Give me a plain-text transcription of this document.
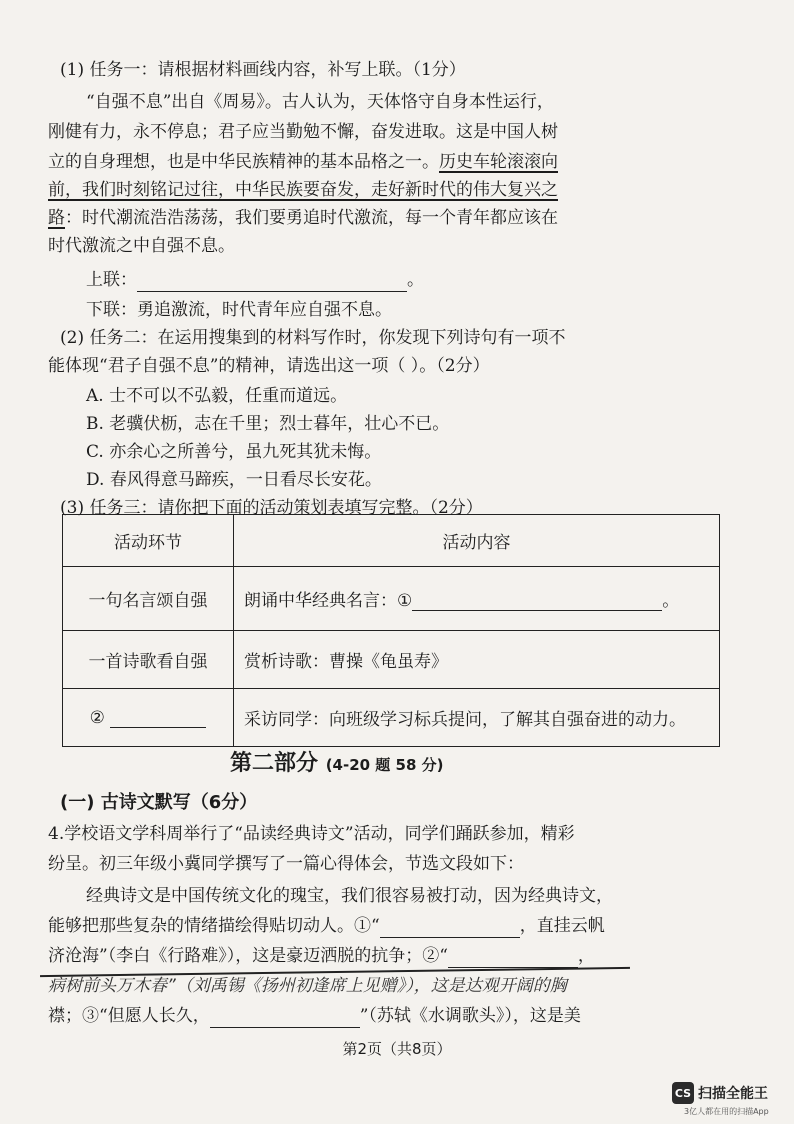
(1) 任务一：请根据材料画线内容，补写上联。（1分）
“自强不息”出自《周易》。古人认为，天体恪守自身本性运行，
刚健有力，永不停息；君子应当勤勉不懈，奋发进取。这是中国人树
立的自身理想，也是中华民族精神的基本品格之一。历史车轮滚滚向
前，我们时刻铭记过往，中华民族要奋发，走好新时代的伟大复兴之
路：时代潮流浩浩荡荡，我们要勇追时代激流，每一个青年都应该在
时代激流之中自强不息。
上联：	。
下联：勇追激流，时代青年应自强不息。
(2) 任务二：在运用搜集到的材料写作时，你发现下列诗句有一项不
能体现“君子自强不息”的精神，请选出这一项（ ）。（2分）
A. 士不可以不弘毅，任重而道远。
B. 老骥伏枥，志在千里；烈士暮年，壮心不已。
C. 亦余心之所善兮，虽九死其犹未悔。
D. 春风得意马蹄疾，一日看尽长安花。
(3) 任务三：请你把下面的活动策划表填写完整。（2分）
活动环节	活动内容
一句名言颂自强	朗诵中华经典名言：① 。
一首诗歌看自强	赏析诗歌：曹操《龟虽寿》
②	采访同学：向班级学习标兵提问，了解其自强奋进的动力。
第二部分 (4-20 题 58 分)
(一) 古诗文默写（6分）
4.学校语文学科周举行了“品读经典诗文”活动，同学们踊跃参加，精彩
纷呈。初三年级小冀同学撰写了一篇心得体会，节选文段如下：
经典诗文是中国传统文化的瑰宝，我们很容易被打动，因为经典诗文，
能够把那些复杂的情绪描绘得贴切动人。①“	，直挂云帆
济沧海”（李白《行路难》），这是豪迈洒脱的抗争；②“	，
病树前头万木春”（刘禹锡《扬州初逢席上见赠》），这是达观开阔的胸
襟；③“但愿人长久，	”（苏轼《水调歌头》），这是美
第2页（共8页）
CS 扫描全能王
3亿人都在用的扫描App
